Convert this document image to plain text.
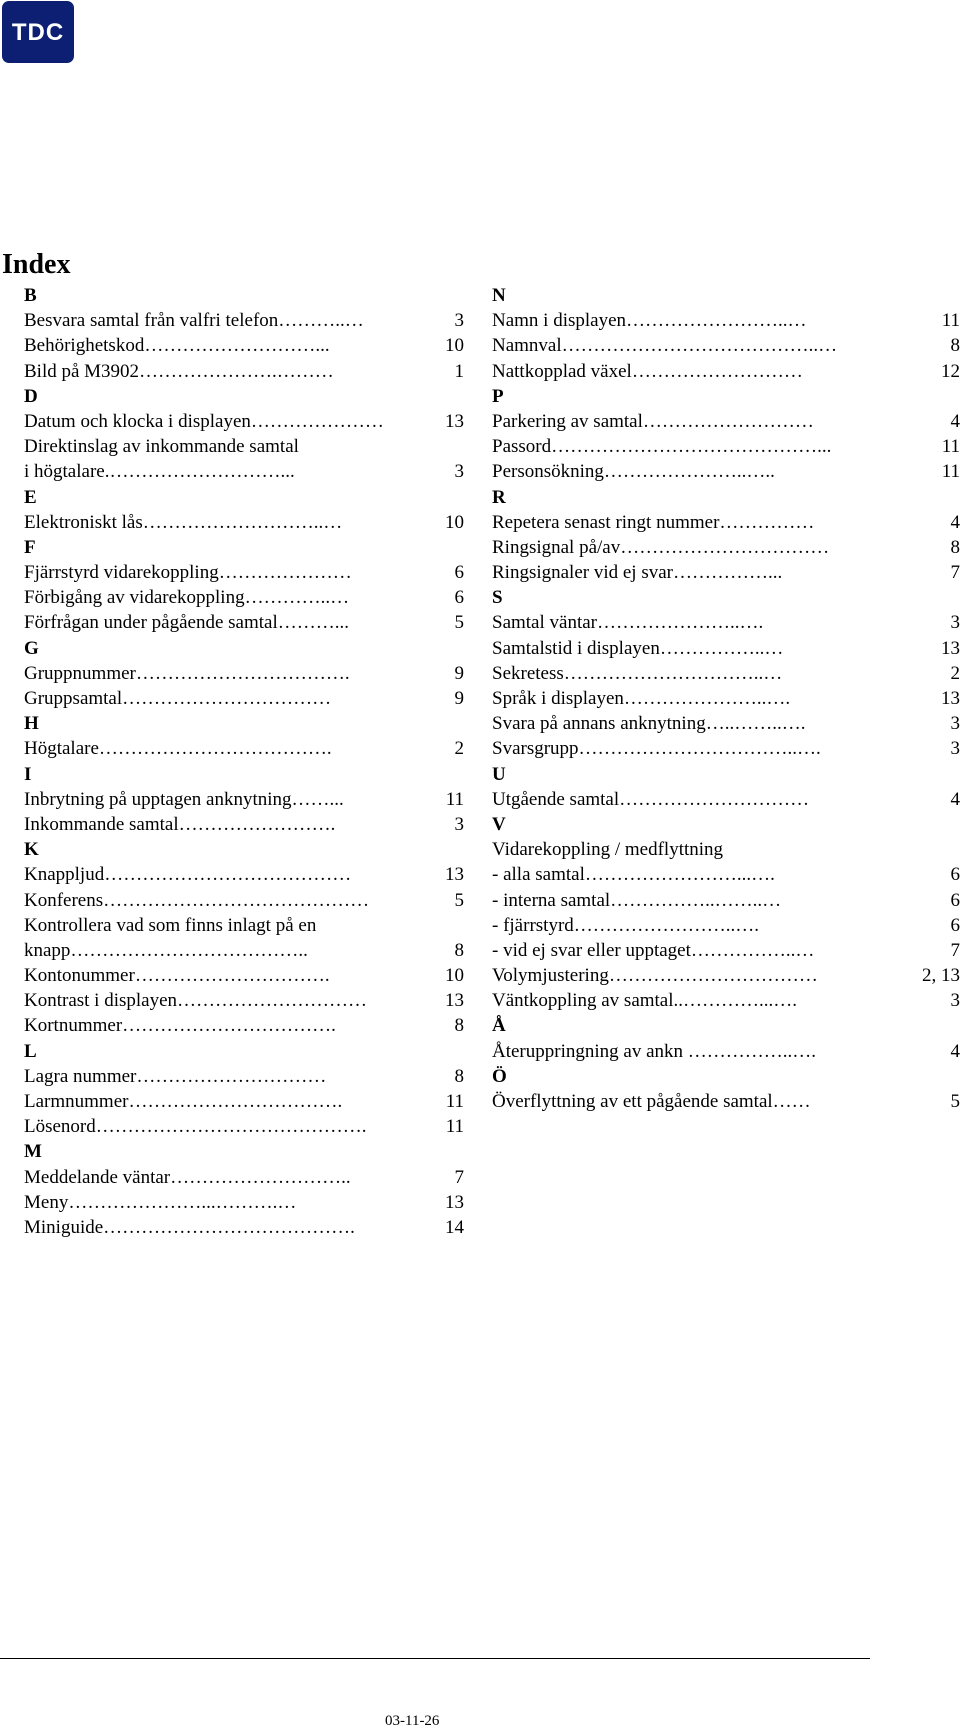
TDC
Index
B
Besvara samtal från valfri telefon………..…	3
Behörighetskod………………………...	10
Bild på M3902………………….………	1
D
Datum och klocka i displayen…………………	13
Direktinslag av inkommande samtal
i högtalare.………………………...	3
E
Elektroniskt lås………………………..…	10
F
Fjärrstyrd vidarekoppling…………………	6
Förbigång av vidarekoppling…………..…	6
Förfrågan under pågående samtal………...	5
G
Gruppnummer…………………………….	9
Gruppsamtal……………………………	9
H
Högtalare……………………………….	2
I
Inbrytning på upptagen anknytning……...	11
Inkommande samtal…………………….	3
K
Knappljud…………………………………	13
Konferens……………………………………	5
Kontrollera vad som finns inlagt på en
knapp………………………………..	8
Kontonummer………………………….	10
Kontrast i displayen…………………………	13
Kortnummer…………………………….	8
L
Lagra nummer…………………………	8
Larmnummer…………………………….	11
Lösenord…………………………………….	11
M
Meddelande väntar………………………..	7
Meny…………………...……….…	13
Miniguide………………………………….	14
N
Namn i displayen……………………..…	11
Namnval…………………………………..…	8
Nattkopplad växel………………………	12
P
Parkering av samtal………………………	4
Passord……………………………………...	11
Personsökning…………………..…..	11
R
Repetera senast ringt nummer……………	4
Ringsignal på/av……………………………	8
Ringsignaler vid ej svar……………...	7
S
Samtal väntar…………………..….	3
Samtalstid i displayen……………..…	13
Sekretess…………………………..…	2
Språk i displayen…………………..….	13
Svara på annans anknytning…..……..….	3
Svarsgrupp……………………………..….	3
U
Utgående samtal…………………………	4
V
Vidarekoppling / medflyttning
- alla samtal……………………...….	6
- interna samtal……………..……..…	6
- fjärrstyrd……………………..….	6
- vid ej svar eller upptaget……………..…	7
Volymjustering……………………………	2, 13
Väntkoppling av samtal..…………...….	3
Å
Återuppringning av ankn ……………..….	4
Ö
Överflyttning av ett pågående samtal……	5
03-11-26
